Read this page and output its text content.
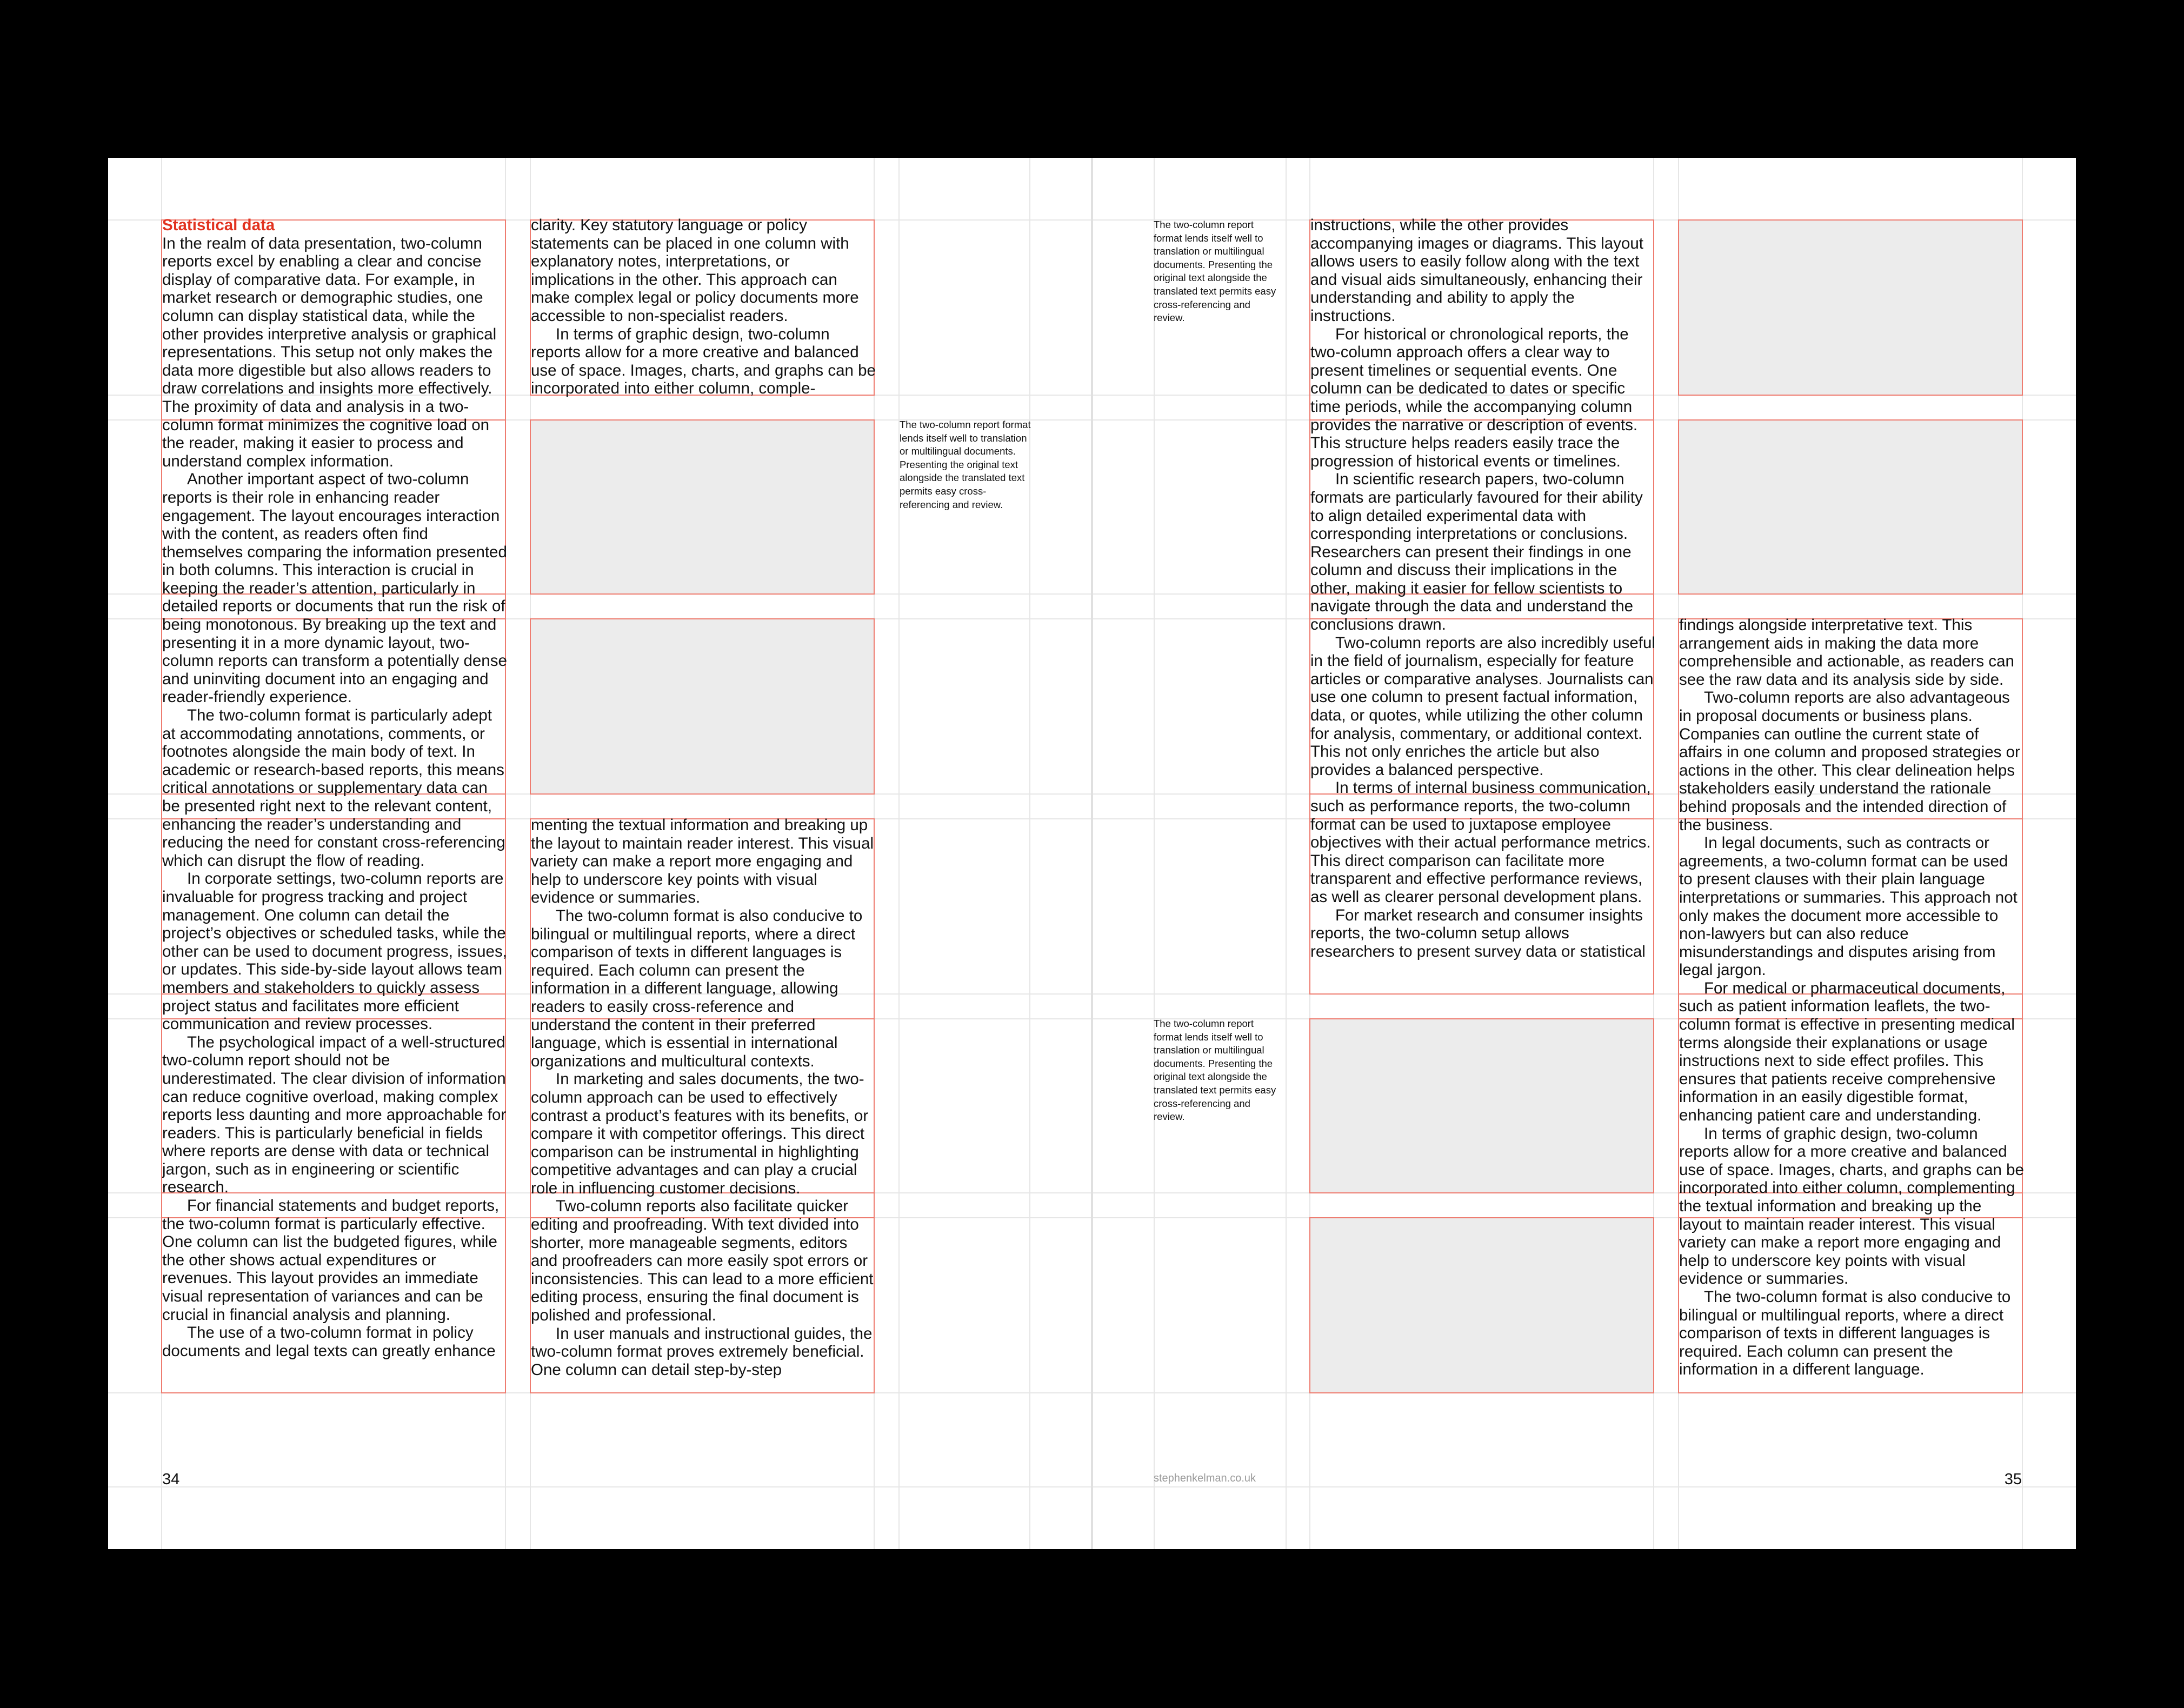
Statistical data

In the realm of data presentation, two-column reports excel by enabling a clear and concise display of comparative data. For example, in market research or demographic studies, one column can display statistical data, while the other provides interpretive analysis or graphical representations. This setup not only makes the data more digestible but also allows readers to draw correlations and insights more effectively. The proximity of data and analysis in a two-column format minimizes the cognitive load on the reader, making it easier to process and understand complex information.

Another important aspect of two-column reports is their role in enhancing reader engagement. The layout encourages interaction with the content, as readers often find themselves comparing the information presented in both columns. This interaction is crucial in keeping the reader’s attention, particularly in detailed reports or documents that run the risk of being monotonous. By breaking up the text and presenting it in a more dynamic layout, two-column reports can transform a potentially dense and uninviting document into an engaging and reader-friendly experience.

The two-column format is particularly adept at accommodating annotations, comments, or footnotes alongside the main body of text. In academic or research-based reports, this means critical annotations or supplementary data can be presented right next to the relevant content, enhancing the reader’s understanding and reducing the need for constant cross-referencing which can disrupt the flow of reading.

In corporate settings, two-column reports are invaluable for progress tracking and project management. One column can detail the project’s objectives or scheduled tasks, while the other can be used to document progress, issues, or updates. This side-by-side layout allows team members and stakeholders to quickly assess project status and facilitates more efficient communication and review processes.

The psychological impact of a well-structured two-column report should not be underestimated. The clear division of information can reduce cognitive overload, making complex reports less daunting and more approachable for readers. This is particularly beneficial in fields where reports are dense with data or technical jargon, such as in engineering or scientific research.

For financial statements and budget reports, the two-column format is particularly effective. One column can list the budgeted figures, while the other shows actual expenditures or revenues. This layout provides an immediate visual representation of variances and can be crucial in financial analysis and planning.

The use of a two-column format in policy documents and legal texts can greatly enhance

clarity. Key statutory language or policy statements can be placed in one column with explanatory notes, interpretations, or implications in the other. This approach can make complex legal or policy documents more accessible to non-specialist readers.

In terms of graphic design, two-column reports allow for a more creative and balanced use of space. Images, charts, and graphs can be incorporated into either column, comple-

menting the textual information and breaking up the layout to maintain reader interest. This visual variety can make a report more engaging and help to underscore key points with visual evidence or summaries.

The two-column format is also conducive to bilingual or multilingual reports, where a direct comparison of texts in different languages is required. Each column can present the information in a different language, allowing readers to easily cross-reference and understand the content in their preferred language, which is essential in international organizations and multicultural contexts.

In marketing and sales documents, the two-column approach can be used to effectively contrast a product’s features with its benefits, or compare it with competitor offerings. This direct comparison can be instrumental in highlighting competitive advantages and can play a crucial role in influencing customer decisions.

Two-column reports also facilitate quicker editing and proofreading. With text divided into shorter, more manageable segments, editors and proofreaders can more easily spot errors or inconsistencies. This can lead to a more efficient editing process, ensuring the final document is polished and professional.

In user manuals and instructional guides, the two-column format proves extremely beneficial. One column can detail step-by-step

The two-column report format lends itself well to translation or multilingual documents. Presenting the original text alongside the translated text permits easy cross-referencing and review.
34
The two-column report format lends itself well to translation or multilingual documents. Presenting the original text alongside the translated text permits easy cross-referencing and review.
The two-column report format lends itself well to translation or multilingual documents. Presenting the original text alongside the translated text permits easy cross-referencing and review.

instructions, while the other provides accompanying images or diagrams. This layout allows users to easily follow along with the text and visual aids simultaneously, enhancing their understanding and ability to apply the instructions.

For historical or chronological reports, the two-column approach offers a clear way to present timelines or sequential events. One column can be dedicated to dates or specific time periods, while the accompanying column provides the narrative or description of events. This structure helps readers easily trace the progression of historical events or timelines.

In scientific research papers, two-column formats are particularly favoured for their ability to align detailed experimental data with corresponding interpretations or conclusions. Researchers can present their findings in one column and discuss their implications in the other, making it easier for fellow scientists to navigate through the data and understand the conclusions drawn.

Two-column reports are also incredibly useful in the field of journalism, especially for feature articles or comparative analyses. Journalists can use one column to present factual information, data, or quotes, while utilizing the other column for analysis, commentary, or additional context. This not only enriches the article but also provides a balanced perspective.

In terms of internal business communication, such as performance reports, the two-column format can be used to juxtapose employee objectives with their actual performance metrics. This direct comparison can facilitate more transparent and effective performance reviews, as well as clearer personal development plans.

For market research and consumer insights reports, the two-column setup allows researchers to present survey data or statistical

findings alongside interpretative text. This arrangement aids in making the data more comprehensible and actionable, as readers can see the raw data and its analysis side by side.

Two-column reports are also advantageous in proposal documents or business plans. Companies can outline the current state of affairs in one column and proposed strategies or actions in the other. This clear delineation helps stakeholders easily understand the rationale behind proposals and the intended direction of the business.

In legal documents, such as contracts or agreements, a two-column format can be used to present clauses with their plain language interpretations or summaries. This approach not only makes the document more accessible to non-lawyers but can also reduce misunderstandings and disputes arising from legal jargon.

For medical or pharmaceutical documents, such as patient information leaflets, the two-column format is effective in presenting medical terms alongside their explanations or usage instructions next to side effect profiles. This ensures that patients receive comprehensive information in an easily digestible format, enhancing patient care and understanding.

In terms of graphic design, two-column reports allow for a more creative and balanced use of space. Images, charts, and graphs can be incorporated into either column, complementing the textual information and breaking up the layout to maintain reader interest. This visual variety can make a report more engaging and help to underscore key points with visual evidence or summaries.

The two-column format is also conducive to bilingual or multilingual reports, where a direct comparison of texts in different languages is required. Each column can present the information in a different language.

stephenkelman.co.uk	35
